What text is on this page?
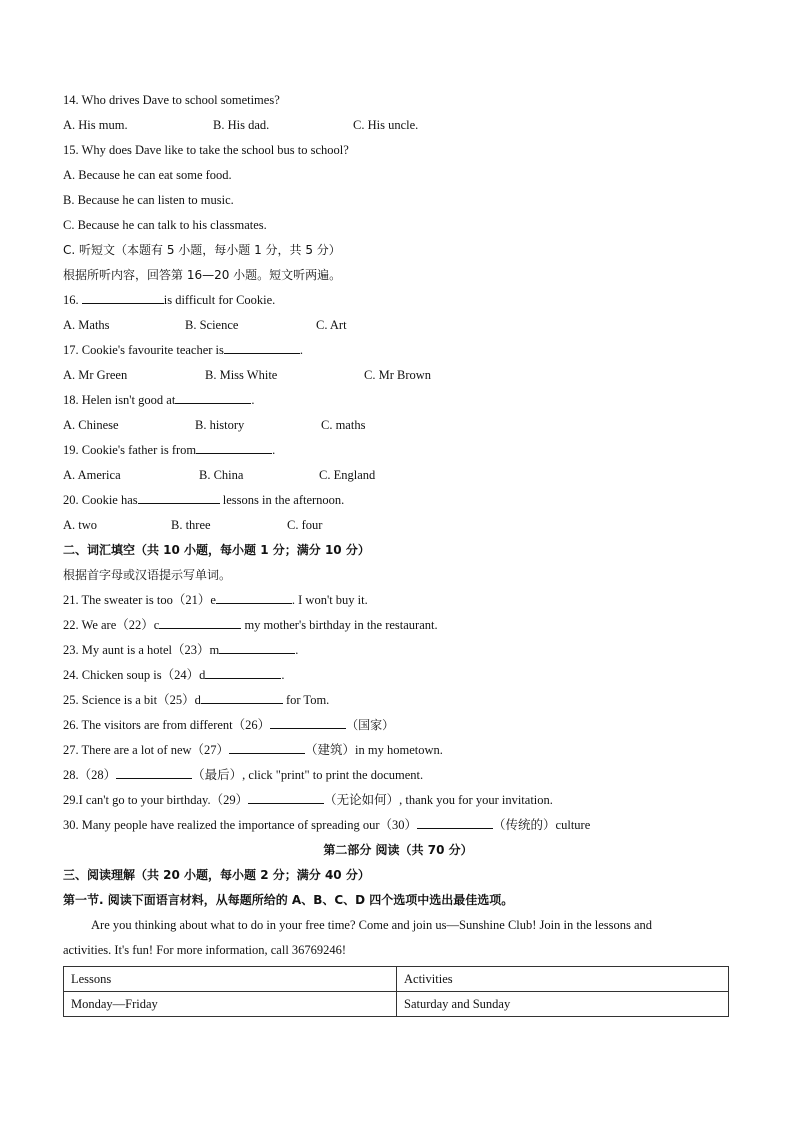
14. Who drives Dave to school sometimes?
A. His mum.	B. His dad.	C. His uncle.
15. Why does Dave like to take the school bus to school?
A. Because he can eat some food.
B. Because he can listen to music.
C. Because he can talk to his classmates.
C. 听短文（本题有 5 小题，每小题 1 分，共 5 分）
根据所听内容，回答第 16—20 小题。短文听两遍。
16.	is difficult for Cookie.
A. Maths	B. Science	C. Art
17. Cookie's favourite teacher is	.
A. Mr Green	B. Miss White	C. Mr Brown
18. Helen isn't good at	.
A. Chinese	B. history	C. maths
19. Cookie's father is from	.
A. America	B. China	C. England
20. Cookie has	lessons in the afternoon.
A. two	B. three	C. four
二、词汇填空（共 10 小题，每小题 1 分；满分 10 分）
根据首字母或汉语提示写单词。
21. The sweater is too（21）e	. I won't buy it.
22. We are（22）c	my mother's birthday in the restaurant.
23. My aunt is a hotel（23）m	.
24. Chicken soup is（24）d	.
25. Science is a bit（25）d	for Tom.
26. The visitors are from different（26）	（国家）
27. There are a lot of new（27）	（建筑）in my hometown.
28.（28）	（最后）, click "print" to print the document.
29.I can't go to your birthday.（29）	（无论如何）, thank you for your invitation.
30. Many people have realized the importance of spreading our（30）	（传统的）culture
第二部分 阅读（共 70 分）
三、阅读理解（共 20 小题，每小题 2 分；满分 40 分）
第一节. 阅读下面语言材料，从每题所给的 A、B、C、D 四个选项中选出最佳选项。
Are you thinking about what to do in your free time? Come and join us—Sunshine Club! Join in the lessons and
activities. It's fun! For more information, call 36769246!
Lessons	Activities
Monday—Friday	Saturday and Sunday
